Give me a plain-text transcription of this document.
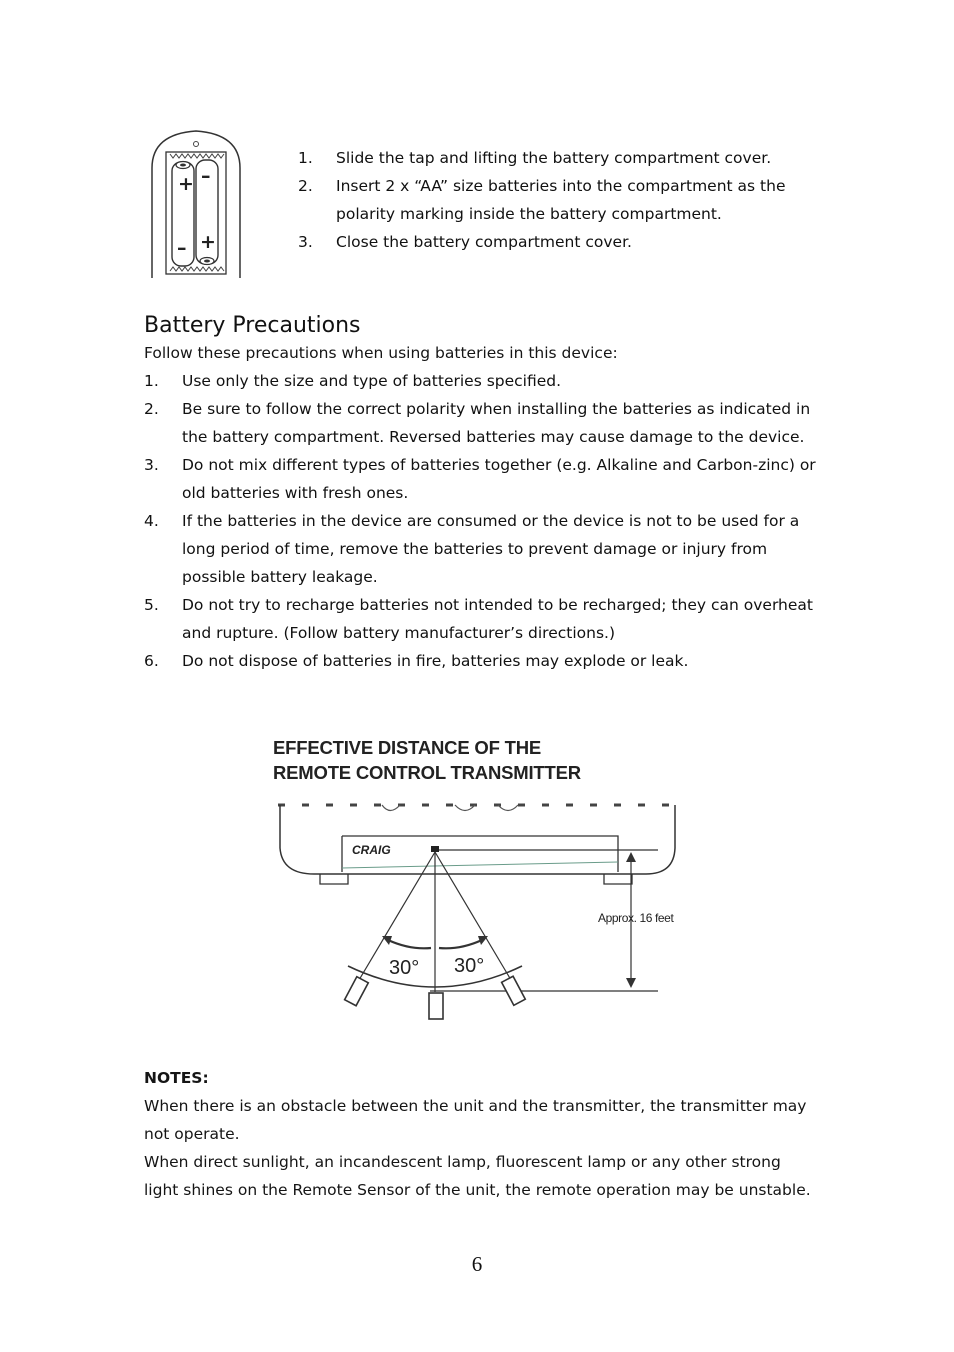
+ –
– +
1.	Slide the tap and lifting the battery compartment cover.
2.	Insert 2 x “AA” size batteries into the compartment as the polarity marking inside the battery compartment.
3.	Close the battery compartment cover.
Battery Precautions
Follow these precautions when using batteries in this device:
1.	Use only the size and type of batteries specified.
2.	Be sure to follow the correct polarity when installing the batteries as indicated in the battery compartment. Reversed batteries may cause damage to the device.
3.	Do not mix different types of batteries together (e.g. Alkaline and Carbon-zinc) or old batteries with fresh ones.
4.	If the batteries in the device are consumed or the device is not to be used for a long period of time, remove the batteries to prevent damage or injury from possible battery leakage.
5.	Do not try to recharge batteries not intended to be recharged; they can overheat and rupture. (Follow battery manufacturer’s directions.)
6.	Do not dispose of batteries in fire, batteries may explode or leak.
EFFECTIVE DISTANCE OF THE
REMOTE CONTROL TRANSMITTER
CRAIG
Approx. 16 feet
30° 30°
NOTES:
When there is an obstacle between the unit and the transmitter, the transmitter may not operate.
When direct sunlight, an incandescent lamp, fluorescent lamp or any other strong light shines on the Remote Sensor of the unit, the remote operation may be unstable.
6
